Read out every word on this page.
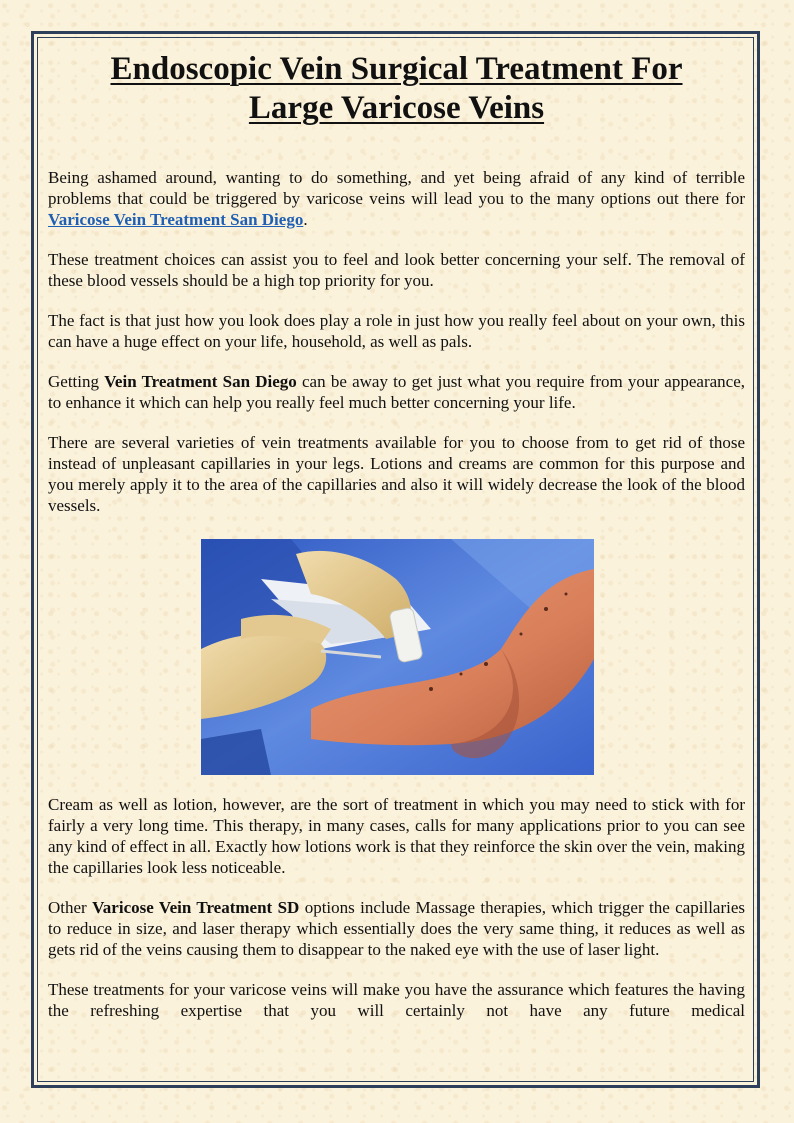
Endoscopic Vein Surgical Treatment For
Large Varicose Veins

Being ashamed around, wanting to do something, and yet being afraid of any kind of terrible problems that could be triggered by varicose veins will lead you to the many options out there for Varicose Vein Treatment San Diego.

These treatment choices can assist you to feel and look better concerning your self. The removal of these blood vessels should be a high top priority for you.

The fact is that just how you look does play a role in just how you really feel about on your own, this can have a huge effect on your life, household, as well as pals.

Getting Vein Treatment San Diego can be away to get just what you require from your appearance, to enhance it which can help you really feel much better concerning your life.

There are several varieties of vein treatments available for you to choose from to get rid of those instead of unpleasant capillaries in your legs. Lotions and creams are common for this purpose and you merely apply it to the area of the capillaries and also it will widely decrease the look of the blood vessels.

Cream as well as lotion, however, are the sort of treatment in which you may need to stick with for fairly a very long time. This therapy, in many cases, calls for many applications prior to you can see any kind of effect in all. Exactly how lotions work is that they reinforce the skin over the vein, making the capillaries look less noticeable.

Other Varicose Vein Treatment SD options include Massage therapies, which trigger the capillaries to reduce in size, and laser therapy which essentially does the very same thing, it reduces as well as gets rid of the veins causing them to disappear to the naked eye with the use of laser light.

These treatments for your varicose veins will make you have the assurance which features the having the refreshing expertise that you will certainly not have any future medical
